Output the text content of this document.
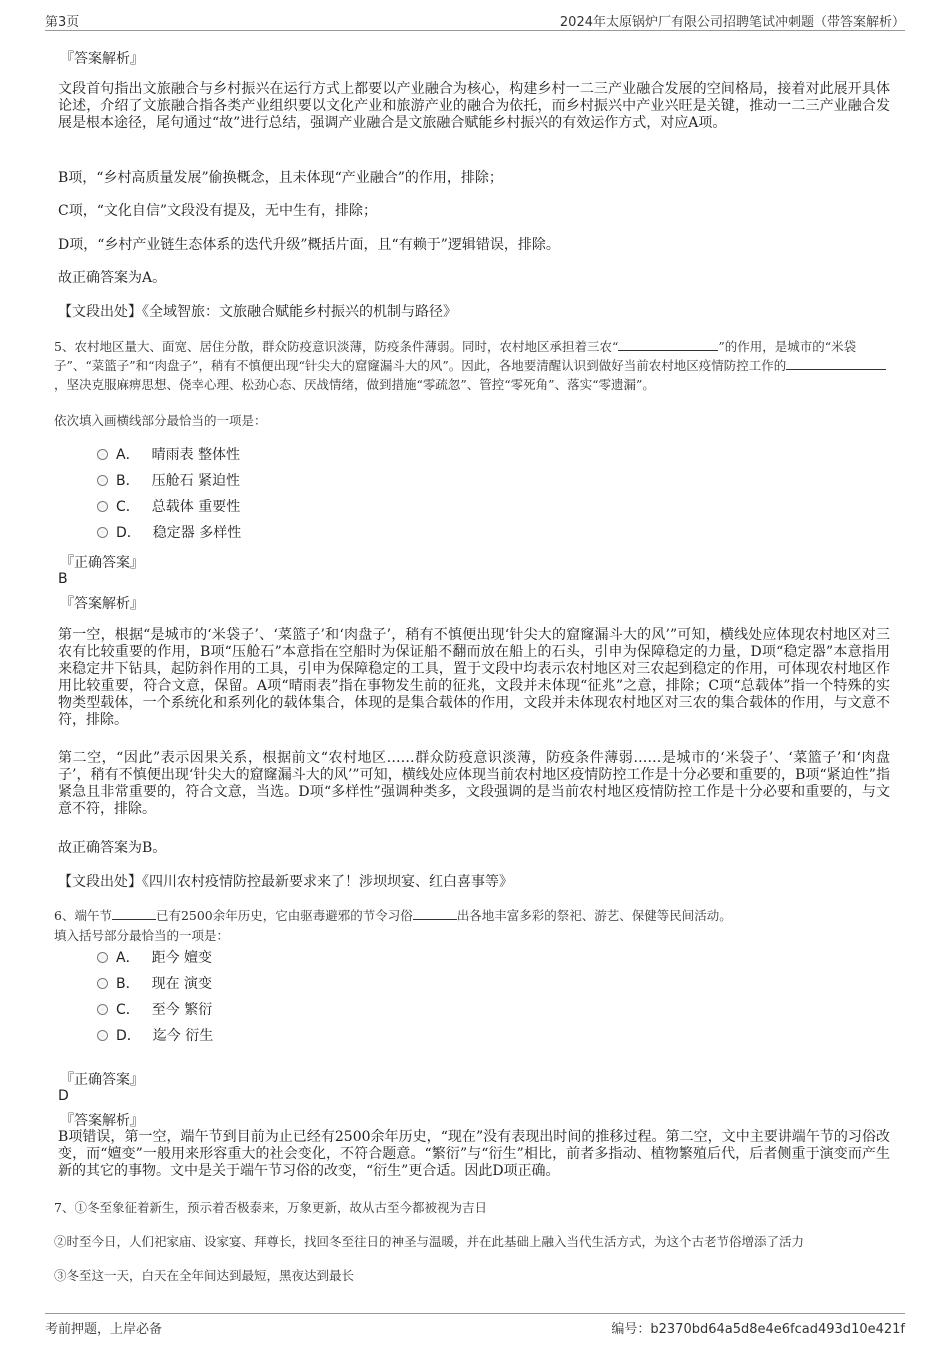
第3页	2024年太原锅炉厂有限公司招聘笔试冲刺题（带答案解析）
『答案解析』
文段首句指出文旅融合与乡村振兴在运行方式上都要以产业融合为核心，构建乡村一二三产业融合发展的空间格局，接着对此展开具体论述，介绍了文旅融合指各类产业组织要以文化产业和旅游产业的融合为依托，而乡村振兴中产业兴旺是关键，推动一二三产业融合发展是根本途径，尾句通过“故”进行总结，强调产业融合是文旅融合赋能乡村振兴的有效运作方式，对应A项。
B项，“乡村高质量发展”偷换概念，且未体现“产业融合”的作用，排除；
C项，“文化自信”文段没有提及，无中生有，排除；
D项，“乡村产业链生态体系的迭代升级”概括片面，且“有赖于”逻辑错误，排除。
故正确答案为A。
【文段出处】《全域智旅：文旅融合赋能乡村振兴的机制与路径》
5、农村地区量大、面宽、居住分散，群众防疫意识淡薄，防疫条件薄弱。同时，农村地区承担着三农“	”的作用，是城市的“米袋子”、“菜篮子”和“肉盘子”，稍有不慎便出现“针尖大的窟窿漏斗大的风”。因此，各地要清醒认识到做好当前农村地区疫情防控工作的，坚决克服麻痹思想、侥幸心理、松劲心态、厌战情绪，做到措施“零疏忽”、管控“零死角”、落实“零遗漏”。
依次填入画横线部分最恰当的一项是：
A． 晴雨表 整体性
B． 压舱石 紧迫性
C． 总载体 重要性
D． 稳定器 多样性
『正确答案』
B
『答案解析』
第一空，根据“是城市的‘米袋子’、‘菜篮子’和‘肉盘子’，稍有不慎便出现‘针尖大的窟窿漏斗大的风’”可知，横线处应体现农村地区对三农有比较重要的作用，B项“压舱石”本意指在空船时为保证船不翻而放在船上的石头，引申为保障稳定的力量，D项“稳定器”本意指用来稳定井下钻具，起防斜作用的工具，引申为保障稳定的工具，置于文段中均表示农村地区对三农起到稳定的作用，可体现农村地区作用比较重要，符合文意，保留。A项“晴雨表”指在事物发生前的征兆，文段并未体现“征兆”之意，排除；C项“总载体”指一个特殊的实物类型载体，一个系统化和系列化的载体集合，体现的是集合载体的作用，文段并未体现农村地区对三农的集合载体的作用，与文意不符，排除。
第二空，“因此”表示因果关系，根据前文“农村地区……群众防疫意识淡薄，防疫条件薄弱……是城市的‘米袋子’、‘菜篮子’和‘肉盘子’，稍有不慎便出现‘针尖大的窟窿漏斗大的风’”可知，横线处应体现当前农村地区疫情防控工作是十分必要和重要的，B项“紧迫性”指紧急且非常重要的，符合文意，当选。D项“多样性”强调种类多，文段强调的是当前农村地区疫情防控工作是十分必要和重要的，与文意不符，排除。
故正确答案为B。
【文段出处】《四川农村疫情防控最新要求来了！涉坝坝宴、红白喜事等》
6、端午节	已有2500余年历史，它由驱毒避邪的节令习俗	出各地丰富多彩的祭祀、游艺、保健等民间活动。
填入括号部分最恰当的一项是：
A． 距今 嬗变
B． 现在 演变
C． 至今 繁衍
D． 迄今 衍生
『正确答案』
D
『答案解析』
B项错误，第一空，端午节到目前为止已经有2500余年历史，“现在”没有表现出时间的推移过程。第二空，文中主要讲端午节的习俗改变，而“嬗变”一般用来形容重大的社会变化，不符合题意。“繁衍”与“衍生”相比，前者多指动、植物繁殖后代，后者侧重于演变而产生新的其它的事物。文中是关于端午节习俗的改变，“衍生”更合适。因此D项正确。
7、①冬至象征着新生，预示着否极泰来，万象更新，故从古至今都被视为吉日
②时至今日，人们祀家庙、设家宴、拜尊长，找回冬至往日的神圣与温暖，并在此基础上融入当代生活方式，为这个古老节俗增添了活力
③冬至这一天，白天在全年间达到最短，黑夜达到最长
考前押题，上岸必备	编号：b2370bd64a5d8e4e6fcad493d10e421f
